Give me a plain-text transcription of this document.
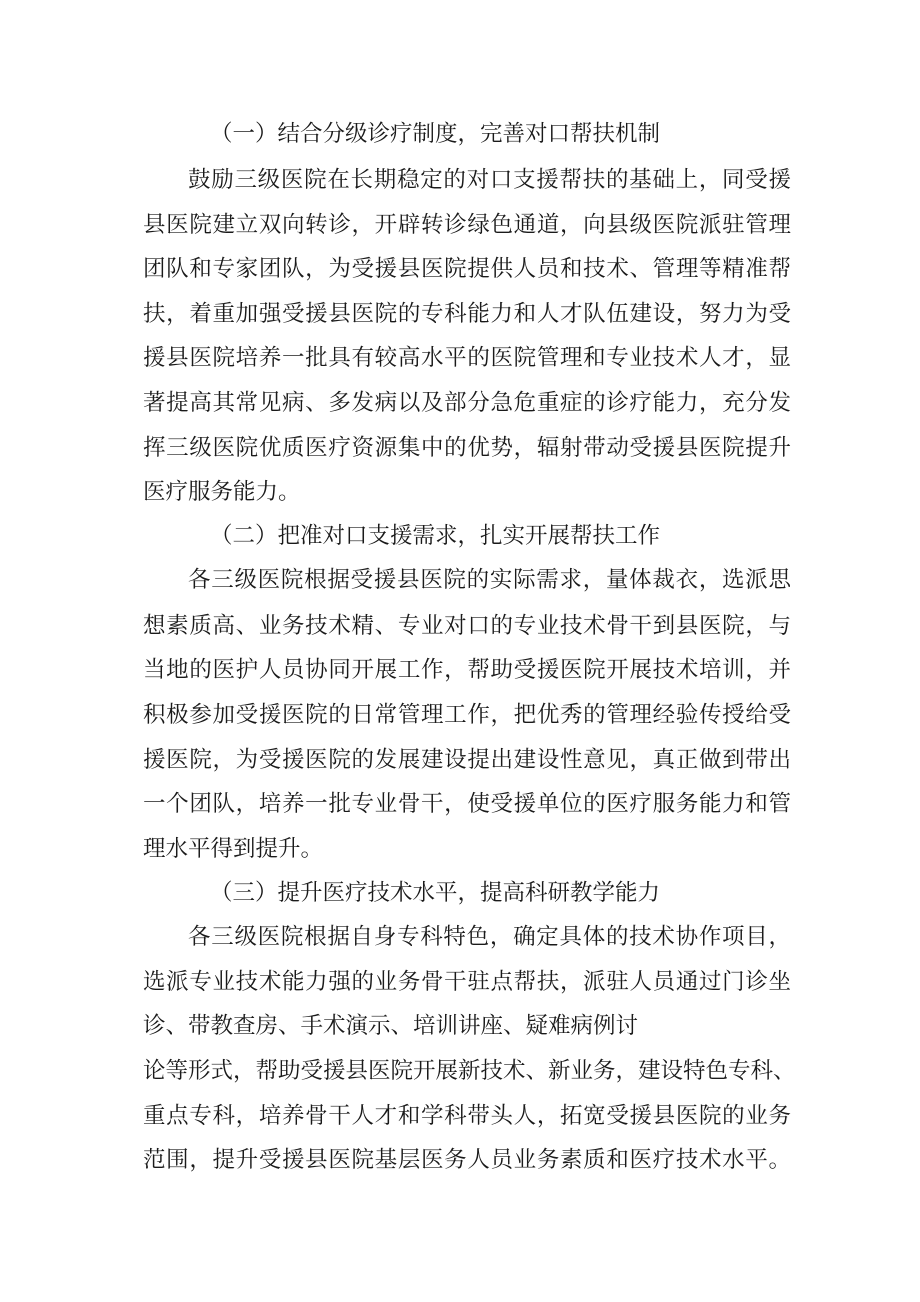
（一）结合分级诊疗制度，完善对口帮扶机制
鼓励三级医院在长期稳定的对口支援帮扶的基础上，同受援
县医院建立双向转诊，开辟转诊绿色通道，向县级医院派驻管理
团队和专家团队，为受援县医院提供人员和技术、管理等精准帮
扶，着重加强受援县医院的专科能力和人才队伍建设，努力为受
援县医院培养一批具有较高水平的医院管理和专业技术人才，显
著提高其常见病、多发病以及部分急危重症的诊疗能力，充分发
挥三级医院优质医疗资源集中的优势，辐射带动受援县医院提升
医疗服务能力。
（二）把准对口支援需求，扎实开展帮扶工作
各三级医院根据受援县医院的实际需求，量体裁衣，选派思
想素质高、业务技术精、专业对口的专业技术骨干到县医院，与
当地的医护人员协同开展工作，帮助受援医院开展技术培训，并
积极参加受援医院的日常管理工作，把优秀的管理经验传授给受
援医院，为受援医院的发展建设提出建设性意见，真正做到带出
一个团队，培养一批专业骨干，使受援单位的医疗服务能力和管
理水平得到提升。
（三）提升医疗技术水平，提高科研教学能力
各三级医院根据自身专科特色，确定具体的技术协作项目，
选派专业技术能力强的业务骨干驻点帮扶，派驻人员通过门诊坐
诊、带教查房、手术演示、培训讲座、疑难病例讨
论等形式，帮助受援县医院开展新技术、新业务，建设特色专科、
重点专科，培养骨干人才和学科带头人，拓宽受援县医院的业务
范围，提升受援县医院基层医务人员业务素质和医疗技术水平。
